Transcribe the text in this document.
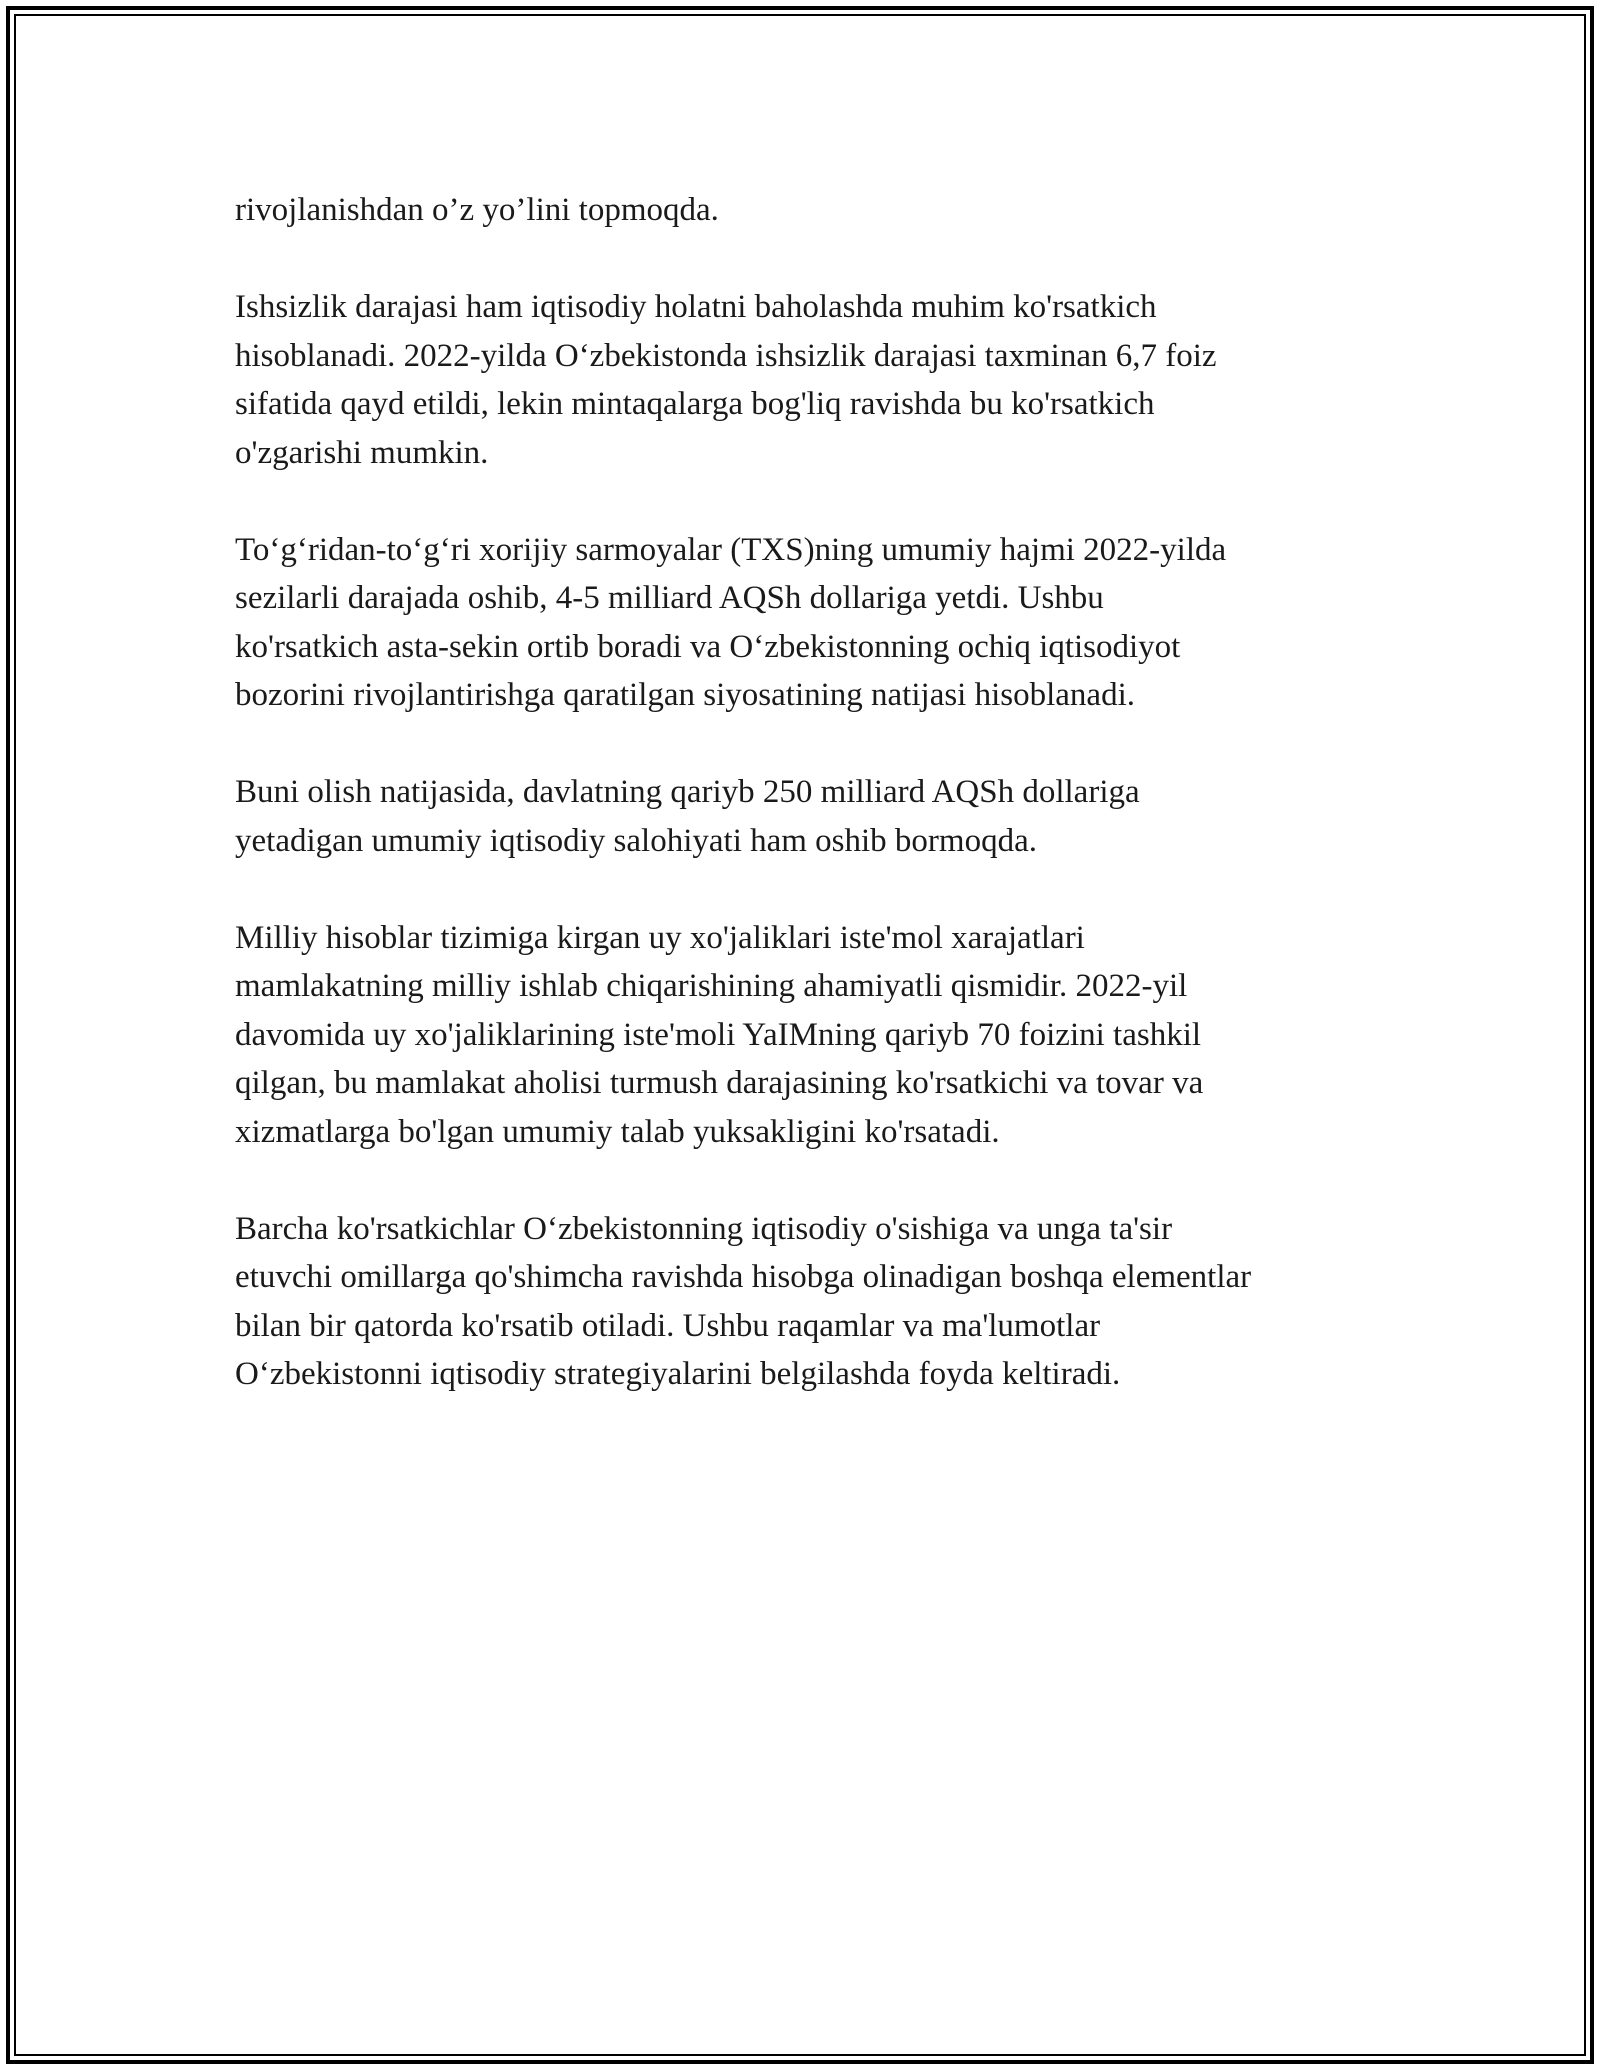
rivojlanishdan o’z yo’lini topmoqda.

Ishsizlik darajasi ham iqtisodiy holatni baholashda muhim ko'rsatkich
hisoblanadi. 2022-yilda O‘zbekistonda ishsizlik darajasi taxminan 6,7 foiz
sifatida qayd etildi, lekin mintaqalarga bog'liq ravishda bu ko'rsatkich
o'zgarishi mumkin.

To‘g‘ridan-to‘g‘ri xorijiy sarmoyalar (TXS)ning umumiy hajmi 2022-yilda
sezilarli darajada oshib, 4-5 milliard AQSh dollariga yetdi. Ushbu
ko'rsatkich asta-sekin ortib boradi va O‘zbekistonning ochiq iqtisodiyot
bozorini rivojlantirishga qaratilgan siyosatining natijasi hisoblanadi.

Buni olish natijasida, davlatning qariyb 250 milliard AQSh dollariga
yetadigan umumiy iqtisodiy salohiyati ham oshib bormoqda.

Milliy hisoblar tizimiga kirgan uy xo'jaliklari iste'mol xarajatlari
mamlakatning milliy ishlab chiqarishining ahamiyatli qismidir. 2022-yil
davomida uy xo'jaliklarining iste'moli YaIMning qariyb 70 foizini tashkil
qilgan, bu mamlakat aholisi turmush darajasining ko'rsatkichi va tovar va
xizmatlarga bo'lgan umumiy talab yuksakligini ko'rsatadi.

Barcha ko'rsatkichlar O‘zbekistonning iqtisodiy o'sishiga va unga ta'sir
etuvchi omillarga qo'shimcha ravishda hisobga olinadigan boshqa elementlar
bilan bir qatorda ko'rsatib otiladi. Ushbu raqamlar va ma'lumotlar
O‘zbekistonni iqtisodiy strategiyalarini belgilashda foyda keltiradi.
